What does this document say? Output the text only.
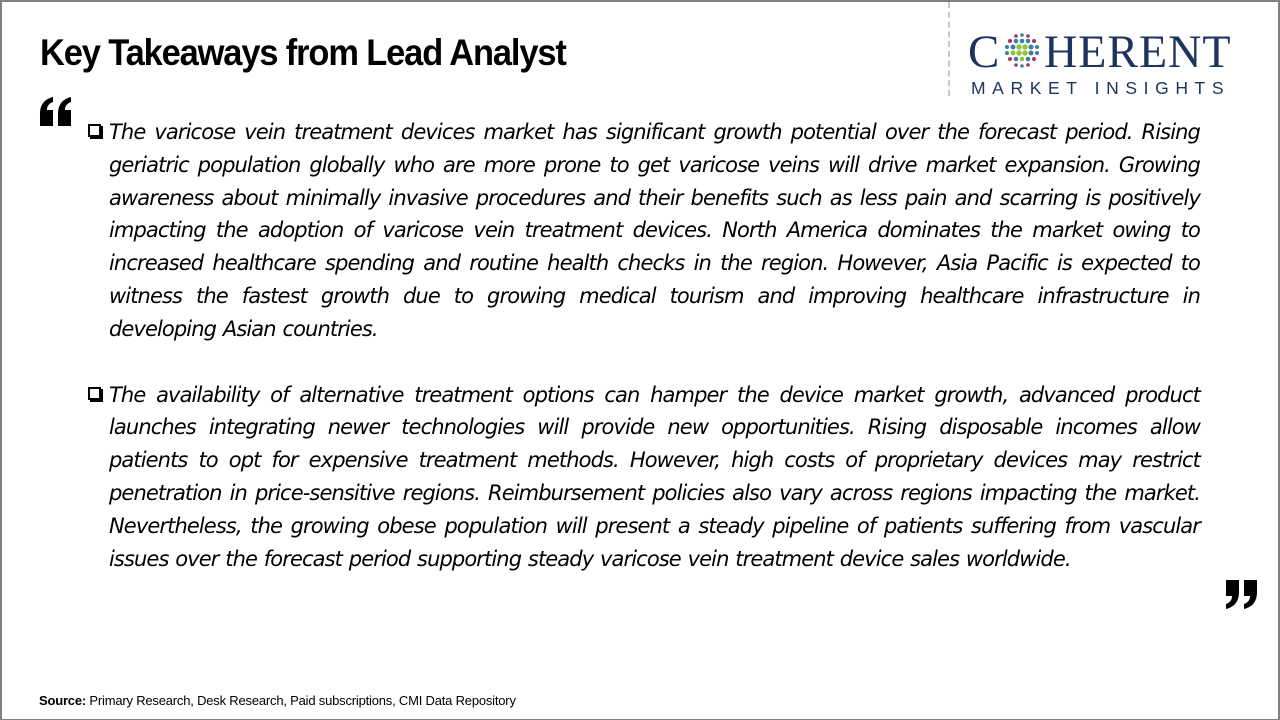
Key Takeaways from Lead Analyst	C HERENT
MARKET INSIGHTS
The varicose vein treatment devices market has significant growth potential over the forecast period. Rising geriatric population globally who are more prone to get varicose veins will drive market expansion. Growing awareness about minimally invasive procedures and their benefits such as less pain and scarring is positively impacting the adoption of varicose vein treatment devices. North America dominates the market owing to increased healthcare spending and routine health checks in the region. However, Asia Pacific is expected to witness the fastest growth due to growing medical tourism and improving healthcare infrastructure in developing Asian countries.
The availability of alternative treatment options can hamper the device market growth, advanced product launches integrating newer technologies will provide new opportunities. Rising disposable incomes allow patients to opt for expensive treatment methods. However, high costs of proprietary devices may restrict penetration in price-sensitive regions. Reimbursement policies also vary across regions impacting the market. Nevertheless, the growing obese population will present a steady pipeline of patients suffering from vascular issues over the forecast period supporting steady varicose vein treatment device sales worldwide.
Source: Primary Research, Desk Research, Paid subscriptions, CMI Data Repository
